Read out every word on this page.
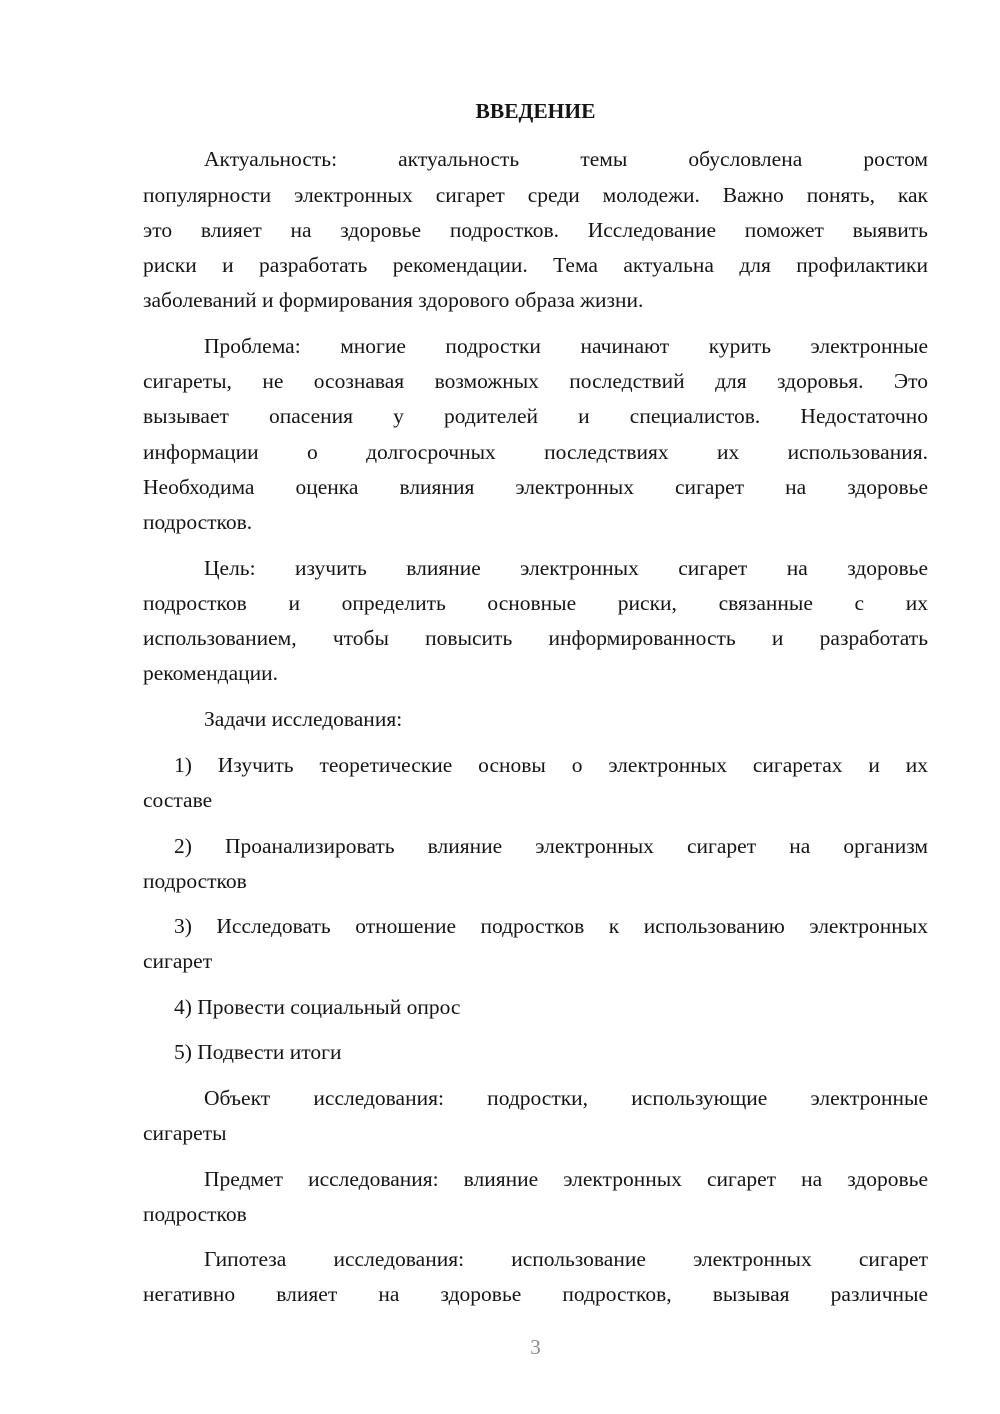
ВВЕДЕНИЕ
Актуальность: актуальность темы обусловлена ростом
популярности электронных сигарет среди молодежи. Важно понять, как
это влияет на здоровье подростков. Исследование поможет выявить
риски и разработать рекомендации. Тема актуальна для профилактики
заболеваний и формирования здорового образа жизни.
Проблема: многие подростки начинают курить электронные
сигареты, не осознавая возможных последствий для здоровья. Это
вызывает опасения у родителей и специалистов. Недостаточно
информации о долгосрочных последствиях их использования.
Необходима оценка влияния электронных сигарет на здоровье
подростков.
Цель: изучить влияние электронных сигарет на здоровье
подростков и определить основные риски, связанные с их
использованием, чтобы повысить информированность и разработать
рекомендации.
Задачи исследования:
1) Изучить теоретические основы о электронных сигаретах и их
составе
2) Проанализировать влияние электронных сигарет на организм
подростков
3) Исследовать отношение подростков к использованию электронных
сигарет
4) Провести социальный опрос
5) Подвести итоги
Объект исследования: подростки, использующие электронные
сигареты
Предмет исследования: влияние электронных сигарет на здоровье
подростков
Гипотеза исследования: использование электронных сигарет
негативно влияет на здоровье подростков, вызывая различные
3
